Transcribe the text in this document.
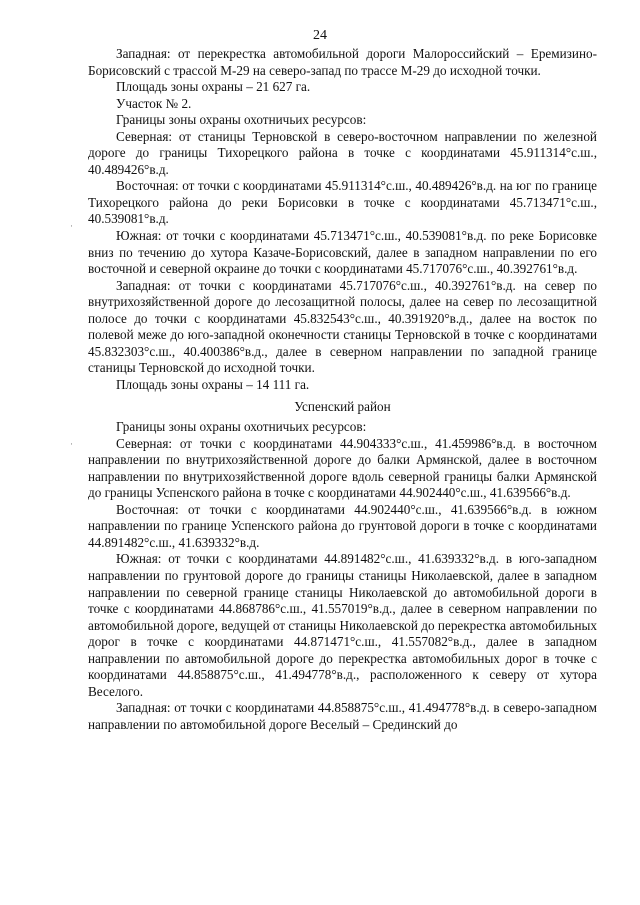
24

Западная: от перекрестка автомобильной дороги Малороссийский – Еремизино-Борисовский с трассой М-29 на северо-запад по трассе М-29 до исходной точки.

Площадь зоны охраны – 21 627 га.

Участок № 2.

Границы зоны охраны охотничьих ресурсов:

Северная: от станицы Терновской в северо-восточном направлении по железной дороге до границы Тихорецкого района в точке с координатами 45.911314°с.ш., 40.489426°в.д.

Восточная: от точки с координатами 45.911314°с.ш., 40.489426°в.д. на юг по границе Тихорецкого района до реки Борисовки в точке с координатами 45.713471°с.ш., 40.539081°в.д.

Южная: от точки с координатами 45.713471°с.ш., 40.539081°в.д. по реке Борисовке вниз по течению до хутора Казаче-Борисовский, далее в западном направлении по его восточной и северной окраине до точки с координатами 45.717076°с.ш., 40.392761°в.д.

Западная: от точки с координатами 45.717076°с.ш., 40.392761°в.д. на север по внутрихозяйственной дороге до лесозащитной полосы, далее на север по лесозащитной полосе до точки с координатами 45.832543°с.ш., 40.391920°в.д., далее на восток по полевой меже до юго-западной оконечности станицы Терновской в точке с координатами 45.832303°с.ш., 40.400386°в.д., далее в северном направлении по западной границе станицы Терновской до исходной точки.

Площадь зоны охраны – 14 111 га.

Успенский район

Границы зоны охраны охотничьих ресурсов:

Северная: от точки с координатами 44.904333°с.ш., 41.459986°в.д. в восточном направлении по внутрихозяйственной дороге до балки Армянской, далее в восточном направлении по внутрихозяйственной дороге вдоль северной границы балки Армянской до границы Успенского района в точке с координатами 44.902440°с.ш., 41.639566°в.д.

Восточная: от точки с координатами 44.902440°с.ш., 41.639566°в.д. в южном направлении по границе Успенского района до грунтовой дороги в точке с координатами 44.891482°с.ш., 41.639332°в.д.

Южная: от точки с координатами 44.891482°с.ш., 41.639332°в.д. в юго-западном направлении по грунтовой дороге до границы станицы Николаевской, далее в западном направлении по северной границе станицы Николаевской до автомобильной дороги в точке с координатами 44.868786°с.ш., 41.557019°в.д., далее в северном направлении по автомобильной дороге, ведущей от станицы Николаевской до перекрестка автомобильных дорог в точке с координатами 44.871471°с.ш., 41.557082°в.д., далее в западном направлении по автомобильной дороге до перекрестка автомобильных дорог в точке с координатами 44.858875°с.ш., 41.494778°в.д., расположенного к северу от хутора Веселого.

Западная: от точки с координатами 44.858875°с.ш., 41.494778°в.д. в северо-западном направлении по автомобильной дороге Веселый – Срединский до

·
·
